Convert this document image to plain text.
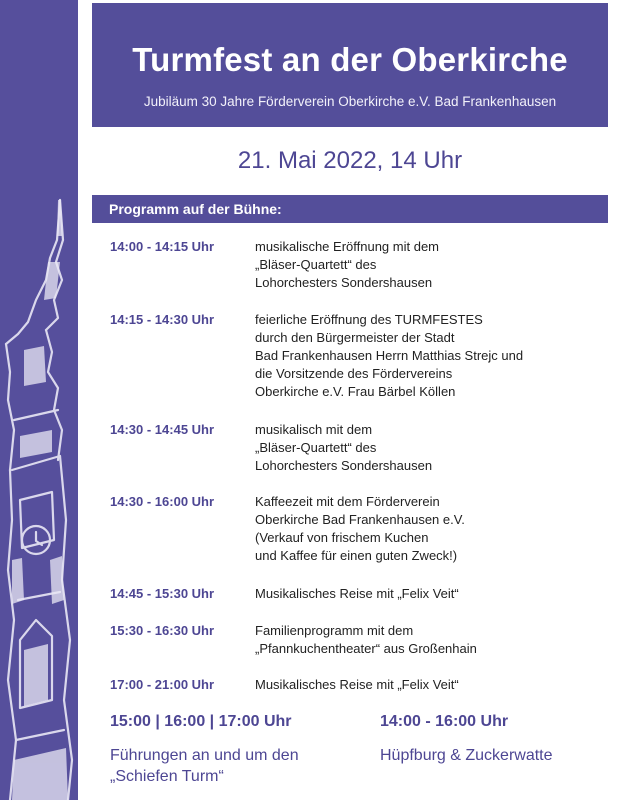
Turmfest an der Oberkirche
Jubiläum 30 Jahre Förderverein Oberkirche e.V. Bad Frankenhausen
21. Mai 2022, 14 Uhr
Programm auf der Bühne:
14:00 - 14:15 Uhr	musikalische Eröffnung mit dem
„Bläser-Quartett“ des
Lohorchesters Sondershausen
14:15 - 14:30 Uhr	feierliche Eröffnung des TURMFESTES
durch den Bürgermeister der Stadt
Bad Frankenhausen Herrn Matthias Strejc und
die Vorsitzende des Fördervereins
Oberkirche e.V. Frau Bärbel Köllen
14:30 - 14:45 Uhr	musikalisch mit dem
„Bläser-Quartett“ des
Lohorchesters Sondershausen
14:30 - 16:00 Uhr	Kaffeezeit mit dem Förderverein
Oberkirche Bad Frankenhausen e.V.
(Verkauf von frischem Kuchen
und Kaffee für einen guten Zweck!)
14:45 - 15:30 Uhr	Musikalisches Reise mit „Felix Veit“
15:30 - 16:30 Uhr	Familienprogramm mit dem
„Pfannkuchentheater“ aus Großenhain
17:00 - 21:00 Uhr	Musikalisches Reise mit „Felix Veit“
15:00 | 16:00 | 17:00 Uhr
Führungen an und um den
„Schiefen Turm“
14:00 - 16:00 Uhr
Hüpfburg & Zuckerwatte
